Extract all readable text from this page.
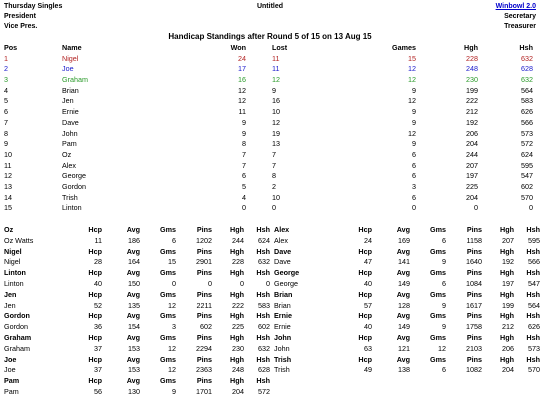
Thursday Singles	Untitled	Winbowl 2.0
President	Secretary
Vice Pres.	Treasurer
Handicap Standings after Round 5 of 15 on 13 Aug 15
Pos	Name	Won	Lost	Games	Hgh	Hsh
1	Nigel	24	11	15	228	632
2	Joe	17	11	12	248	628
3	Graham	16	12	12	230	632
4	Brian	12	9	9	199	564
5	Jen	12	16	12	222	583
6	Ernie	11	10	9	212	626
7	Dave	9	12	9	192	566
8	John	9	19	12	206	573
9	Pam	8	13	9	204	572
10	Oz	7	7	6	244	624
11	Alex	7	7	6	207	595
12	George	6	8	6	197	547
13	Gordon	5	2	3	225	602
14	Trish	4	10	6	204	570
15	Linton	0	0	0	0	0
Oz	Hcp	Avg	Gms	Pins	Hgh	Hsh
Oz Watts	11	186	6	1202	244	624
Nigel	Hcp	Avg	Gms	Pins	Hgh	Hsh
Nigel	28	164	15	2901	228	632
Linton	Hcp	Avg	Gms	Pins	Hgh	Hsh
Linton	40	150	0	0	0	0
Jen	Hcp	Avg	Gms	Pins	Hgh	Hsh
Jen	52	135	12	2211	222	583
Gordon	Hcp	Avg	Gms	Pins	Hgh	Hsh
Gordon	36	154	3	602	225	602
Graham	Hcp	Avg	Gms	Pins	Hgh	Hsh
Graham	37	153	12	2294	230	632
Joe	Hcp	Avg	Gms	Pins	Hgh	Hsh
Joe	37	153	12	2363	248	628
Pam	Hcp	Avg	Gms	Pins	Hgh	Hsh
Pam	56	130	9	1701	204	572
Alex	Hcp	Avg	Gms	Pins	Hgh	Hsh
Alex	24	169	6	1158	207	595
Dave	Hcp	Avg	Gms	Pins	Hgh	Hsh
Dave	47	141	9	1640	192	566
George	Hcp	Avg	Gms	Pins	Hgh	Hsh
George	40	149	6	1084	197	547
Brian	Hcp	Avg	Gms	Pins	Hgh	Hsh
Brian	57	128	9	1617	199	564
Ernie	Hcp	Avg	Gms	Pins	Hgh	Hsh
Ernie	40	149	9	1758	212	626
John	Hcp	Avg	Gms	Pins	Hgh	Hsh
John	63	121	12	2103	206	573
Trish	Hcp	Avg	Gms	Pins	Hgh	Hsh
Trish	49	138	6	1082	204	570
